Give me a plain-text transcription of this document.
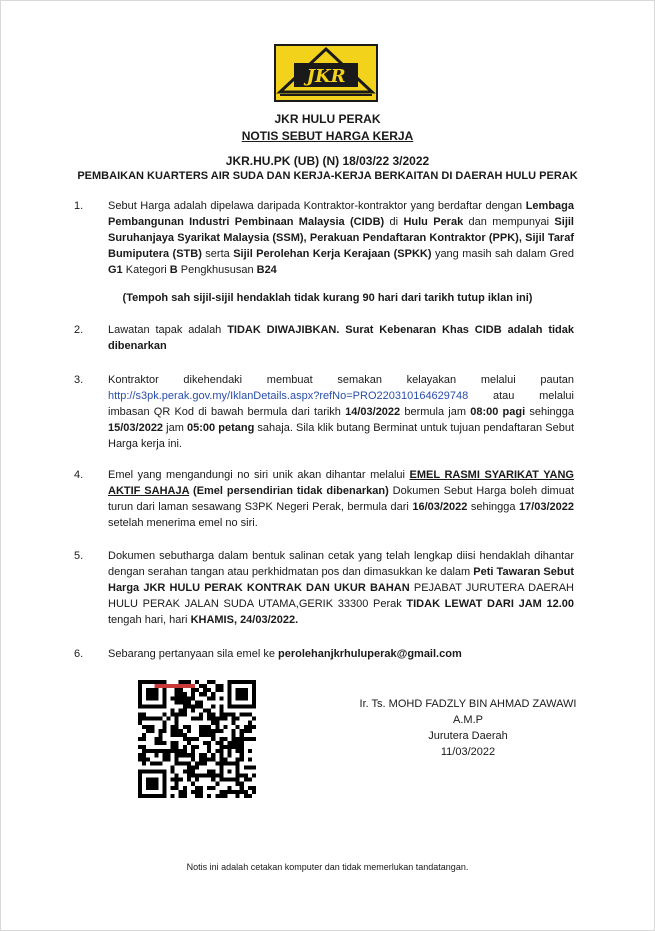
JKR
JKR HULU PERAK
NOTIS SEBUT HARGA KERJA
JKR.HU.PK (UB) (N) 18/03/22 3/2022
PEMBAIKAN KUARTERS AIR SUDA DAN KERJA-KERJA BERKAITAN DI DAERAH HULU PERAK
1.	Sebut Harga adalah dipelawa daripada Kontraktor-kontraktor yang berdaftar dengan Lembaga Pembangunan Industri Pembinaan Malaysia (CIDB) di Hulu Perak dan mempunyai Sijil Suruhanjaya Syarikat Malaysia (SSM), Perakuan Pendaftaran Kontraktor (PPK), Sijil Taraf Bumiputera (STB) serta Sijil Perolehan Kerja Kerajaan (SPKK) yang masih sah dalam Gred G1 Kategori B Pengkhususan B24
(Tempoh sah sijil-sijil hendaklah tidak kurang 90 hari dari tarikh tutup iklan ini)
2.	Lawatan tapak adalah TIDAK DIWAJIBKAN. Surat Kebenaran Khas CIDB adalah tidak dibenarkan
3.	Kontraktor dikehendaki membuat semakan kelayakan melalui pautan http://s3pk.perak.gov.my/IklanDetails.aspx?refNo=PRO220310164629748 atau melalui imbasan QR Kod di bawah bermula dari tarikh 14/03/2022 bermula jam 08:00 pagi sehingga 15/03/2022 jam 05:00 petang sahaja. Sila klik butang Berminat untuk tujuan pendaftaran Sebut Harga kerja ini.
4.	Emel yang mengandungi no siri unik akan dihantar melalui EMEL RASMI SYARIKAT YANG AKTIF SAHAJA (Emel persendirian tidak dibenarkan) Dokumen Sebut Harga boleh dimuat turun dari laman sesawang S3PK Negeri Perak, bermula dari 16/03/2022 sehingga 17/03/2022 setelah menerima emel no siri.
5.	Dokumen sebutharga dalam bentuk salinan cetak yang telah lengkap diisi hendaklah dihantar dengan serahan tangan atau perkhidmatan pos dan dimasukkan ke dalam Peti Tawaran Sebut Harga JKR HULU PERAK KONTRAK DAN UKUR BAHAN PEJABAT JURUTERA DAERAH HULU PERAK JALAN SUDA UTAMA,GERIK 33300 Perak TIDAK LEWAT DARI JAM 12.00 tengah hari, hari KHAMIS, 24/03/2022.
6.	Sebarang pertanyaan sila emel ke perolehanjkrhuluperak@gmail.com
Ir. Ts. MOHD FADZLY BIN AHMAD ZAWAWI
A.M.P
Jurutera Daerah
11/03/2022
Notis ini adalah cetakan komputer dan tidak memerlukan tandatangan.
